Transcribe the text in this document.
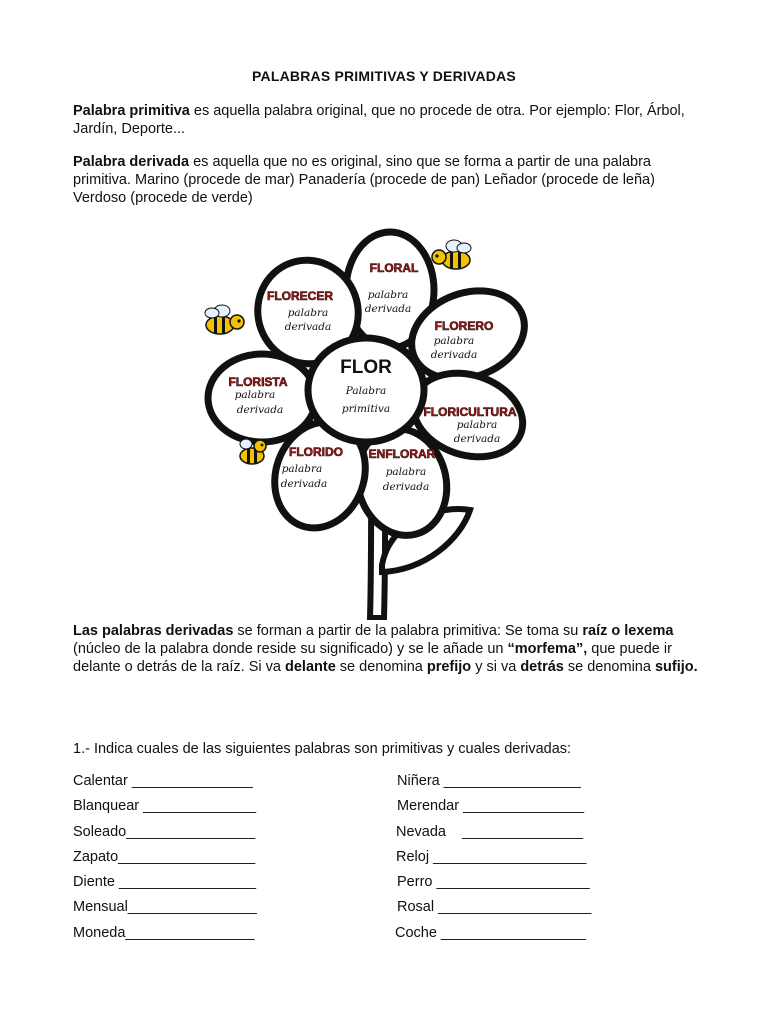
PALABRAS PRIMITIVAS Y DERIVADAS

Palabra primitiva es aquella palabra original, que no procede de otra. Por ejemplo: Flor, Árbol, Jardín, Deporte...

Palabra derivada es aquella que no es original, sino que se forma a partir de una palabra primitiva. Marino (procede de mar) Panadería (procede de pan) Leñador (procede de leña) Verdoso (procede de verde)

FLOR
Palabra
primitiva
FLORAL
palabra
derivada
FLORERO
palabra
derivada
FLORICULTURA
palabra
derivada
ENFLORAR
palabra
derivada
FLORIDO
palabra
derivada
FLORISTA
palabra
derivada
FLORECER
palabra
derivada

Las palabras derivadas se forman a partir de la palabra primitiva: Se toma su raíz o lexema (núcleo de la palabra donde reside su significado) y se le añade un “morfema”, que puede ir delante o detrás de la raíz. Si va delante se denomina prefijo y si va detrás se denomina sufijo.

1.- Indica cuales de las siguientes palabras son primitivas y cuales derivadas:

Calentar _______________
Blanquear ______________
Soleado________________
Zapato_________________
Diente _________________
Mensual________________
Moneda________________
Niñera _________________
Merendar _______________
Nevada    _______________
Reloj ___________________
Perro ___________________
Rosal ___________________
Coche __________________
